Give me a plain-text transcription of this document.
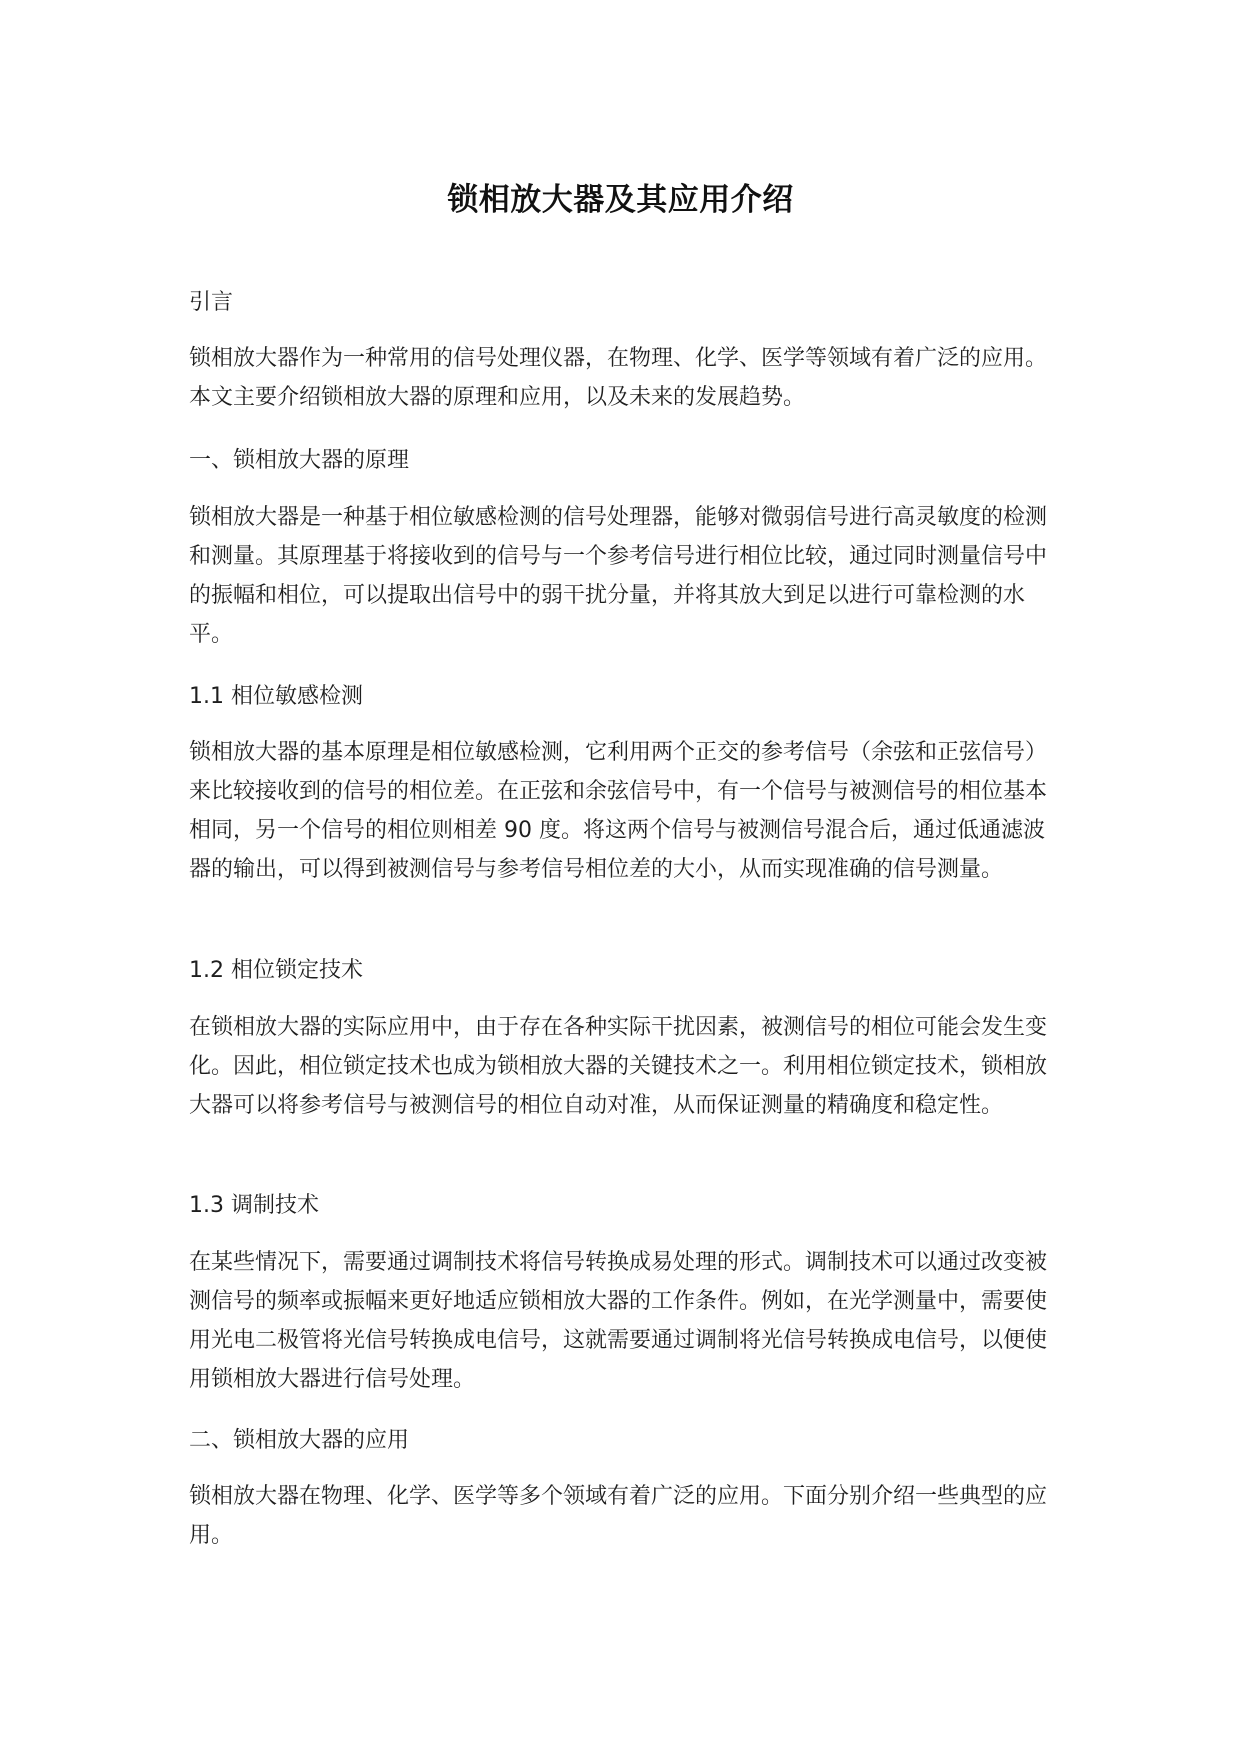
锁相放大器及其应用介绍
引言
锁相放大器作为一种常用的信号处理仪器，在物理、化学、医学等领域有着广泛的应用。本文主要介绍锁相放大器的原理和应用，以及未来的发展趋势。
一、锁相放大器的原理
锁相放大器是一种基于相位敏感检测的信号处理器，能够对微弱信号进行高灵敏度的检测和测量。其原理基于将接收到的信号与一个参考信号进行相位比较，通过同时测量信号中的振幅和相位，可以提取出信号中的弱干扰分量，并将其放大到足以进行可靠检测的水平。
1.1 相位敏感检测
锁相放大器的基本原理是相位敏感检测，它利用两个正交的参考信号（余弦和正弦信号）来比较接收到的信号的相位差。在正弦和余弦信号中，有一个信号与被测信号的相位基本相同，另一个信号的相位则相差 90 度。将这两个信号与被测信号混合后，通过低通滤波器的输出，可以得到被测信号与参考信号相位差的大小，从而实现准确的信号测量。
1.2 相位锁定技术
在锁相放大器的实际应用中，由于存在各种实际干扰因素，被测信号的相位可能会发生变化。因此，相位锁定技术也成为锁相放大器的关键技术之一。利用相位锁定技术，锁相放大器可以将参考信号与被测信号的相位自动对准，从而保证测量的精确度和稳定性。
1.3 调制技术
在某些情况下，需要通过调制技术将信号转换成易处理的形式。调制技术可以通过改变被测信号的频率或振幅来更好地适应锁相放大器的工作条件。例如，在光学测量中，需要使用光电二极管将光信号转换成电信号，这就需要通过调制将光信号转换成电信号，以便使用锁相放大器进行信号处理。
二、锁相放大器的应用
锁相放大器在物理、化学、医学等多个领域有着广泛的应用。下面分别介绍一些典型的应用。
